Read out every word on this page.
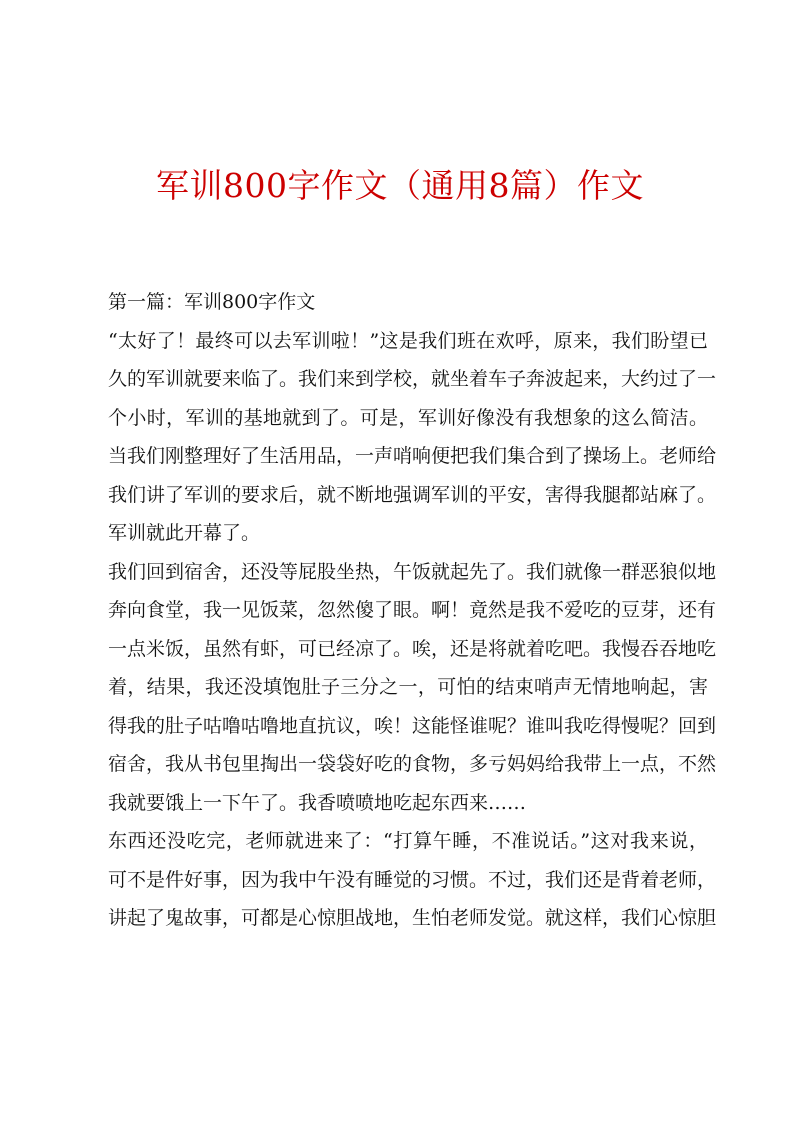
军训800字作文（通用8篇）作文

第一篇：军训800字作文

“太好了！最终可以去军训啦！”这是我们班在欢呼，原来，我们盼望已

久的军训就要来临了。我们来到学校，就坐着车子奔波起来，大约过了一

个小时，军训的基地就到了。可是，军训好像没有我想象的这么简洁。

当我们刚整理好了生活用品，一声哨响便把我们集合到了操场上。老师给

我们讲了军训的要求后，就不断地强调军训的平安，害得我腿都站麻了。

军训就此开幕了。

我们回到宿舍，还没等屁股坐热，午饭就起先了。我们就像一群恶狼似地

奔向食堂，我一见饭菜，忽然傻了眼。啊！竟然是我不爱吃的豆芽，还有

一点米饭，虽然有虾，可已经凉了。唉，还是将就着吃吧。我慢吞吞地吃

着，结果，我还没填饱肚子三分之一，可怕的结束哨声无情地响起，害

得我的肚子咕噜咕噜地直抗议，唉！这能怪谁呢？谁叫我吃得慢呢？回到

宿舍，我从书包里掏出一袋袋好吃的食物，多亏妈妈给我带上一点，不然

我就要饿上一下午了。我香喷喷地吃起东西来……

东西还没吃完，老师就进来了：“打算午睡，不准说话。”这对我来说，

可不是件好事，因为我中午没有睡觉的习惯。不过，我们还是背着老师，

讲起了鬼故事，可都是心惊胆战地，生怕老师发觉。就这样，我们心惊胆
